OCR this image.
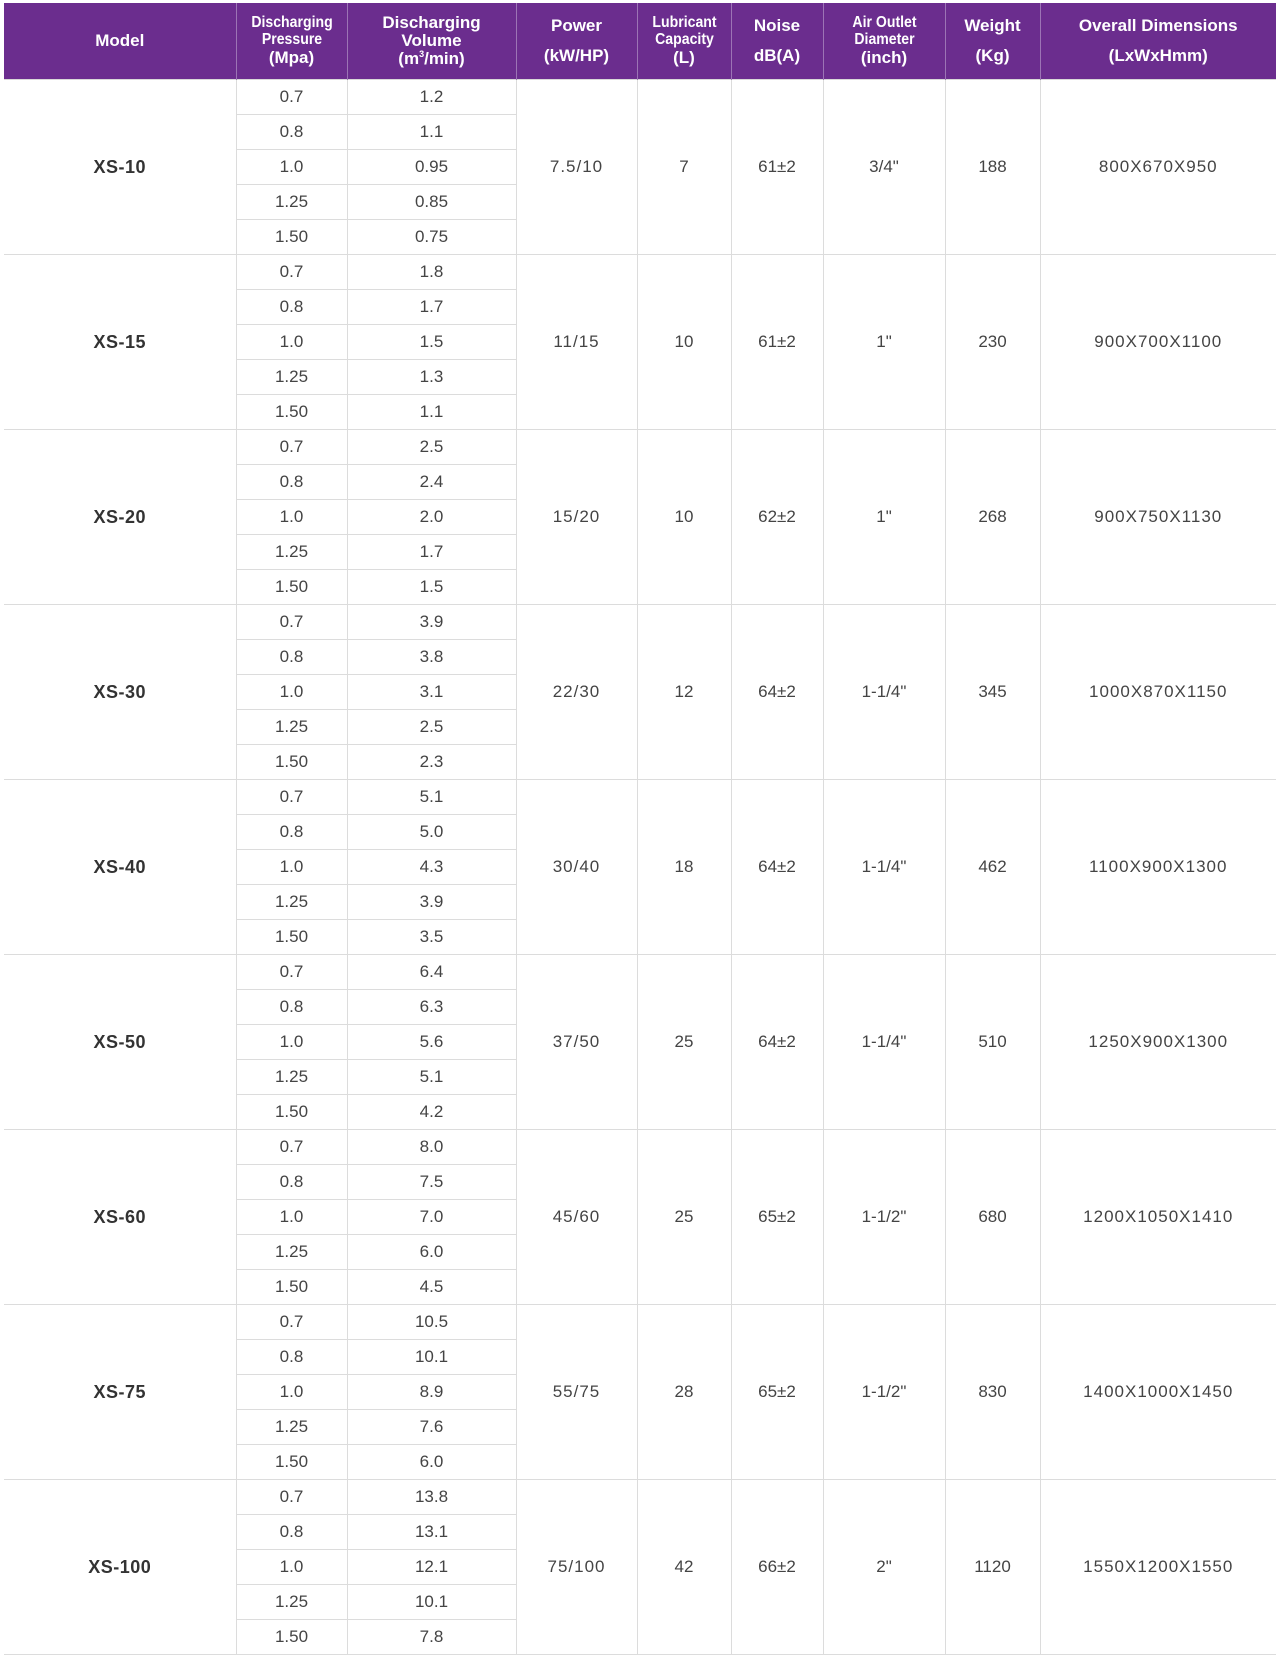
Model	Discharging
Pressure
(Mpa)	Discharging
Volume
$(m^3/\min)$	Power
(kW/HP)	Lubricant
Capacity
(L)	Noise
dB(A)	Air Outlet
Diameter
(inch)	Weight
(Kg)	Overall Dimensions
(LxWxHmm)

XS-10	0.7	1.2	7.5/10	7	61±2	3/4"	188	800X670X950
	0.8	1.1						
	1.0	0.95						
	1.25	0.85						
	1.50	0.75						
XS-15	0.7	1.8	11/15	10	61±2	1"	230	900X700X1100
	0.8	1.7						
	1.0	1.5						
	1.25	1.3						
	1.50	1.1						
XS-20	0.7	2.5	15/20	10	62±2	1"	268	900X750X1130
	0.8	2.4						
	1.0	2.0						
	1.25	1.7						
	1.50	1.5						
XS-30	0.7	3.9	22/30	12	64±2	1-1/4"	345	1000X870X1150
	0.8	3.8						
	1.0	3.1						
	1.25	2.5						
	1.50	2.3						
XS-40	0.7	5.1	30/40	18	64±2	1-1/4"	462	1100X900X1300
	0.8	5.0						
	1.0	4.3						
	1.25	3.9						
	1.50	3.5						
XS-50	0.7	6.4	37/50	25	64±2	1-1/4"	510	1250X900X1300
	0.8	6.3						
	1.0	5.6						
	1.25	5.1						
	1.50	4.2						
XS-60	0.7	8.0	45/60	25	65±2	1-1/2"	680	1200X1050X1410
	0.8	7.5						
	1.0	7.0						
	1.25	6.0						
	1.50	4.5						
XS-75	0.7	10.5	55/75	28	65±2	1-1/2"	830	1400X1000X1450
	0.8	10.1						
	1.0	8.9						
	1.25	7.6						
	1.50	6.0						
XS-100	0.7	13.8	75/100	42	66±2	2"	1120	1550X1200X1550
	0.8	13.1						
	1.0	12.1						
	1.25	10.1						
	1.50	7.8						
